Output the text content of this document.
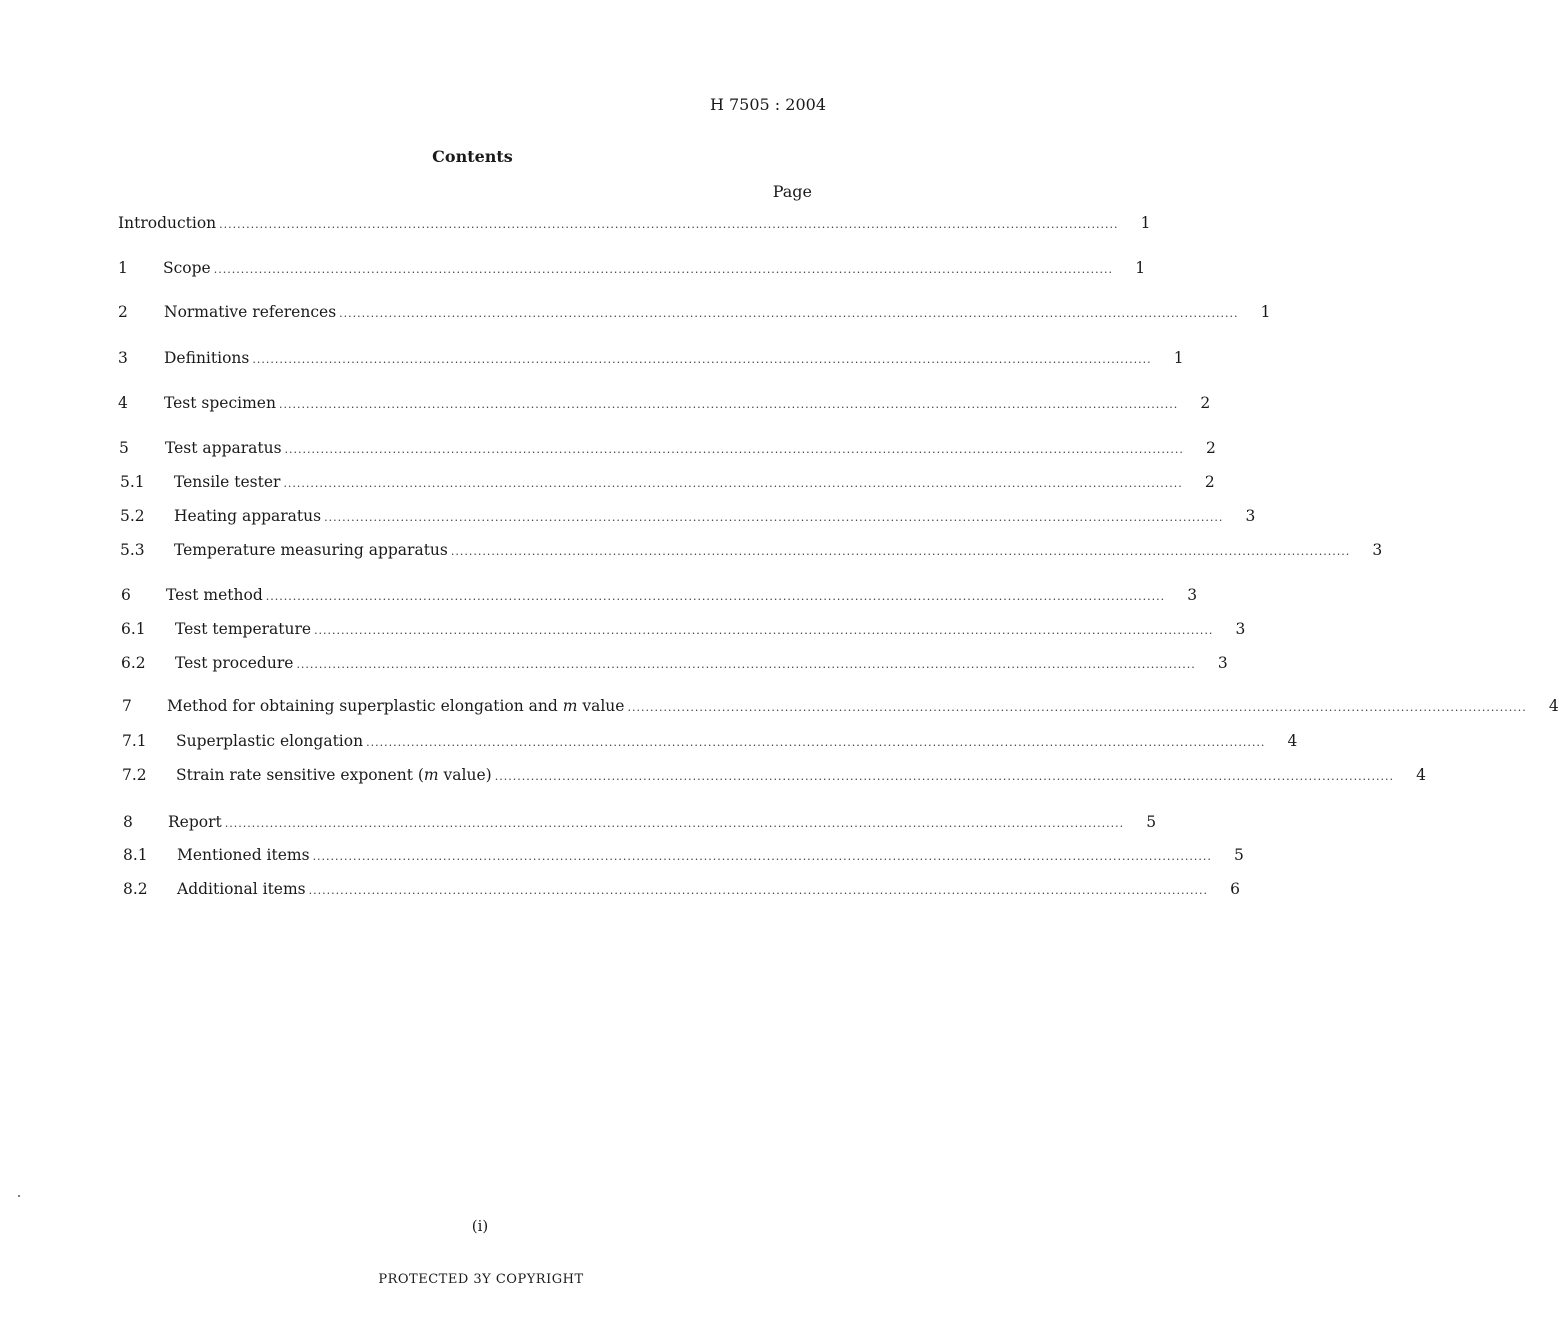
H 7505 : 2004
Contents
Page
Introduction ........................................................................................................................................................................................................	1
1	Scope ........................................................................................................................................................................................................	1
2	Normative references ........................................................................................................................................................................................................	1
3	Definitions ........................................................................................................................................................................................................	1
4	Test specimen ........................................................................................................................................................................................................	2
5	Test apparatus ........................................................................................................................................................................................................	2
5.1	Tensile tester ........................................................................................................................................................................................................	2
5.2	Heating apparatus ........................................................................................................................................................................................................	3
5.3	Temperature measuring apparatus ........................................................................................................................................................................................................	3
6	Test method ........................................................................................................................................................................................................	3
6.1	Test temperature ........................................................................................................................................................................................................	3
6.2	Test procedure ........................................................................................................................................................................................................	3
7	Method for obtaining superplastic elongation and m value ........................................................................................................................................................................................................	4
7.1	Superplastic elongation ........................................................................................................................................................................................................	4
7.2	Strain rate sensitive exponent (m value) ........................................................................................................................................................................................................	4
8	Report ........................................................................................................................................................................................................	5
8.1	Mentioned items ........................................................................................................................................................................................................	5
8.2	Additional items ........................................................................................................................................................................................................	6
(i)
PROTECTED 3Y COPYRIGHT
